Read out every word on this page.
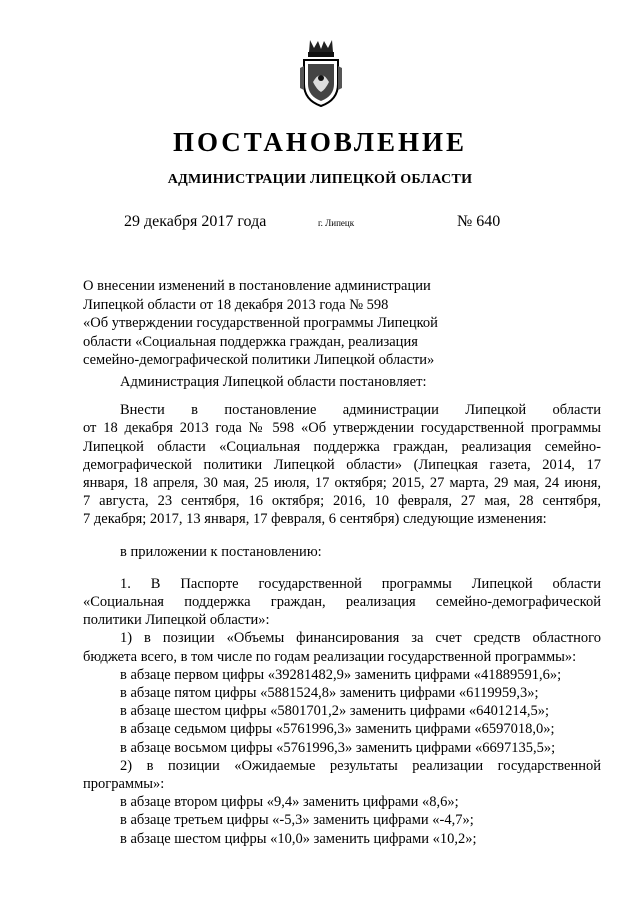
ПОСТАНОВЛЕНИЕ
АДМИНИСТРАЦИИ ЛИПЕЦКОЙ ОБЛАСТИ
29 декабря 2017 года	г. Липецк	№ 640
О внесении изменений в постановление администрации
Липецкой области от 18 декабря 2013 года № 598
«Об утверждении государственной программы Липецкой
области «Социальная поддержка граждан, реализация
семейно-демографической политики Липецкой области»
Администрация Липецкой области постановляет:
Внести в постановление администрации Липецкой области
от 18 декабря 2013 года № 598 «Об утверждении государственной программы
Липецкой области «Социальная поддержка граждан, реализация семейно-
демографической политики Липецкой области» (Липецкая газета, 2014, 17
января, 18 апреля, 30 мая, 25 июля, 17 октября; 2015, 27 марта, 29 мая, 24 июня,
7 августа, 23 сентября, 16 октября; 2016, 10 февраля, 27 мая, 28 сентября,
7 декабря; 2017, 13 января, 17 февраля, 6 сентября) следующие изменения:
в приложении к постановлению:
1. В Паспорте государственной программы Липецкой области
«Социальная поддержка граждан, реализация семейно-демографической
политики Липецкой области»:
1) в позиции «Объемы финансирования за счет средств областного
бюджета всего, в том числе по годам реализации государственной программы»:
в абзаце первом цифры «39281482,9» заменить цифрами «41889591,6»;
в абзаце пятом цифры «5881524,8» заменить цифрами «6119959,3»;
в абзаце шестом цифры «5801701,2» заменить цифрами «6401214,5»;
в абзаце седьмом цифры «5761996,3» заменить цифрами «6597018,0»;
в абзаце восьмом цифры «5761996,3» заменить цифрами «6697135,5»;
2) в позиции «Ожидаемые результаты реализации государственной
программы»:
в абзаце втором цифры «9,4» заменить цифрами «8,6»;
в абзаце третьем цифры «-5,3» заменить цифрами «-4,7»;
в абзаце шестом цифры «10,0» заменить цифрами «10,2»;
